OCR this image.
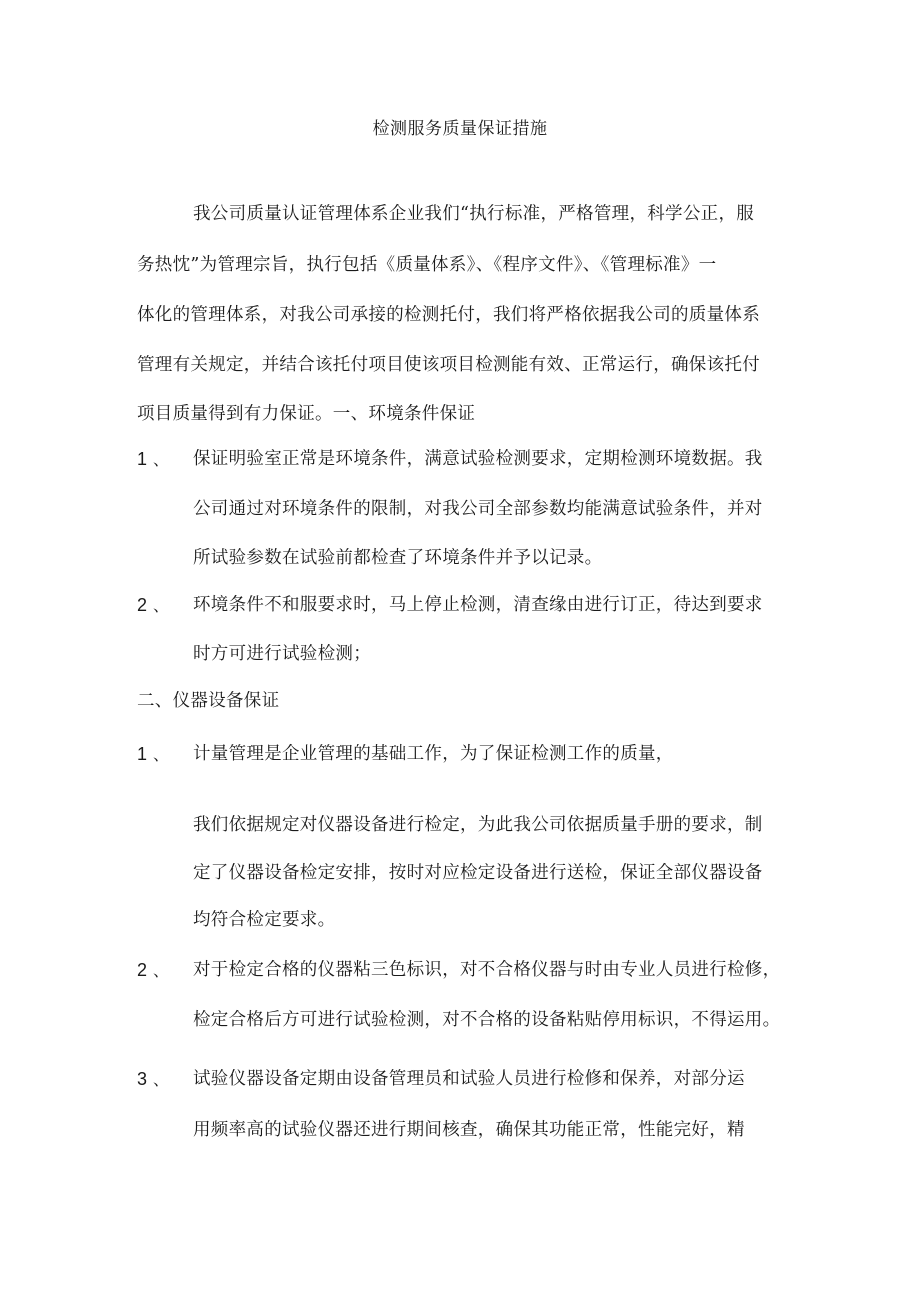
检测服务质量保证措施
我公司质量认证管理体系企业我们“执行标准，严格管理，科学公正，服
务热忱”为管理宗旨，执行包括《质量体系》、《程序文件》、《管理标准》一
体化的管理体系，对我公司承接的检测托付，我们将严格依据我公司的质量体系
管理有关规定，并结合该托付项目使该项目检测能有效、正常运行，确保该托付
项目质量得到有力保证。一、环境条件保证
1 、 保证明验室正常是环境条件，满意试验检测要求，定期检测环境数据。我
公司通过对环境条件的限制，对我公司全部参数均能满意试验条件，并对
所试验参数在试验前都检查了环境条件并予以记录。
2 、 环境条件不和服要求时，马上停止检测，清查缘由进行订正，待达到要求
时方可进行试验检测；
二、仪器设备保证
1 、 计量管理是企业管理的基础工作，为了保证检测工作的质量，
我们依据规定对仪器设备进行检定，为此我公司依据质量手册的要求，制
定了仪器设备检定安排，按时对应检定设备进行送检，保证全部仪器设备
均符合检定要求。
2 、 对于检定合格的仪器粘三色标识，对不合格仪器与时由专业人员进行检修，
检定合格后方可进行试验检测，对不合格的设备粘贴停用标识，不得运用。
3 、 试验仪器设备定期由设备管理员和试验人员进行检修和保养，对部分运
用频率高的试验仪器还进行期间核查，确保其功能正常，性能完好，精
